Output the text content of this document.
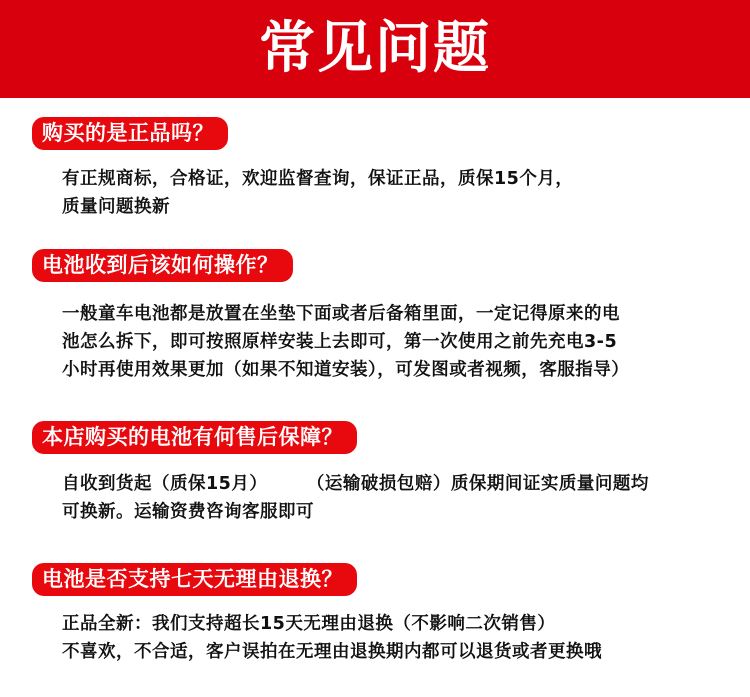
常见问题
购买的是正品吗？
有正规商标，合格证，欢迎监督查询，保证正品，质保15个月，
质量问题换新
电池收到后该如何操作？
一般童车电池都是放置在坐垫下面或者后备箱里面，一定记得原来的电
池怎么拆下，即可按照原样安装上去即可，第一次使用之前先充电3-5
小时再使用效果更加（如果不知道安装），可发图或者视频，客服指导）
本店购买的电池有何售后保障？
自收到货起（质保15月）      （运输破损包赔）质保期间证实质量问题均
可换新。运输资费咨询客服即可
电池是否支持七天无理由退换？
正品全新：我们支持超长15天无理由退换（不影响二次销售）
不喜欢，不合适，客户误拍在无理由退换期内都可以退货或者更换哦
